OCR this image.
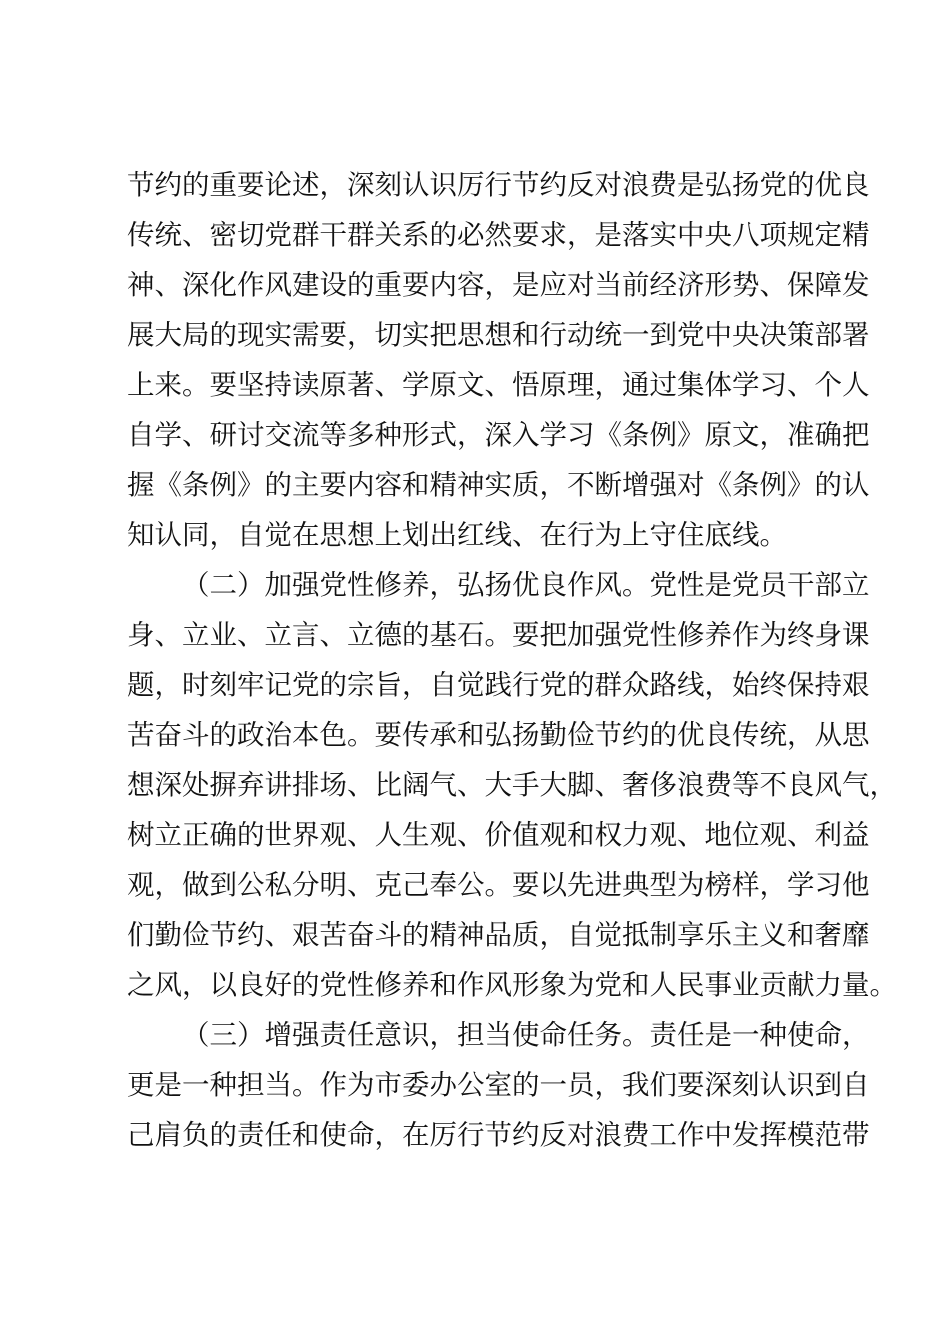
节约的重要论述，深刻认识厉行节约反对浪费是弘扬党的优良
传统、密切党群干群关系的必然要求，是落实中央八项规定精
神、深化作风建设的重要内容，是应对当前经济形势、保障发
展大局的现实需要，切实把思想和行动统一到党中央决策部署
上来。要坚持读原著、学原文、悟原理，通过集体学习、个人
自学、研讨交流等多种形式，深入学习《条例》原文，准确把
握《条例》的主要内容和精神实质，不断增强对《条例》的认
知认同，自觉在思想上划出红线、在行为上守住底线。
（二）加强党性修养，弘扬优良作风。党性是党员干部立
身、立业、立言、立德的基石。要把加强党性修养作为终身课
题，时刻牢记党的宗旨，自觉践行党的群众路线，始终保持艰
苦奋斗的政治本色。要传承和弘扬勤俭节约的优良传统，从思
想深处摒弃讲排场、比阔气、大手大脚、奢侈浪费等不良风气，
树立正确的世界观、人生观、价值观和权力观、地位观、利益
观，做到公私分明、克己奉公。要以先进典型为榜样，学习他
们勤俭节约、艰苦奋斗的精神品质，自觉抵制享乐主义和奢靡
之风，以良好的党性修养和作风形象为党和人民事业贡献力量。
（三）增强责任意识，担当使命任务。责任是一种使命，
更是一种担当。作为市委办公室的一员，我们要深刻认识到自
己肩负的责任和使命，在厉行节约反对浪费工作中发挥模范带
